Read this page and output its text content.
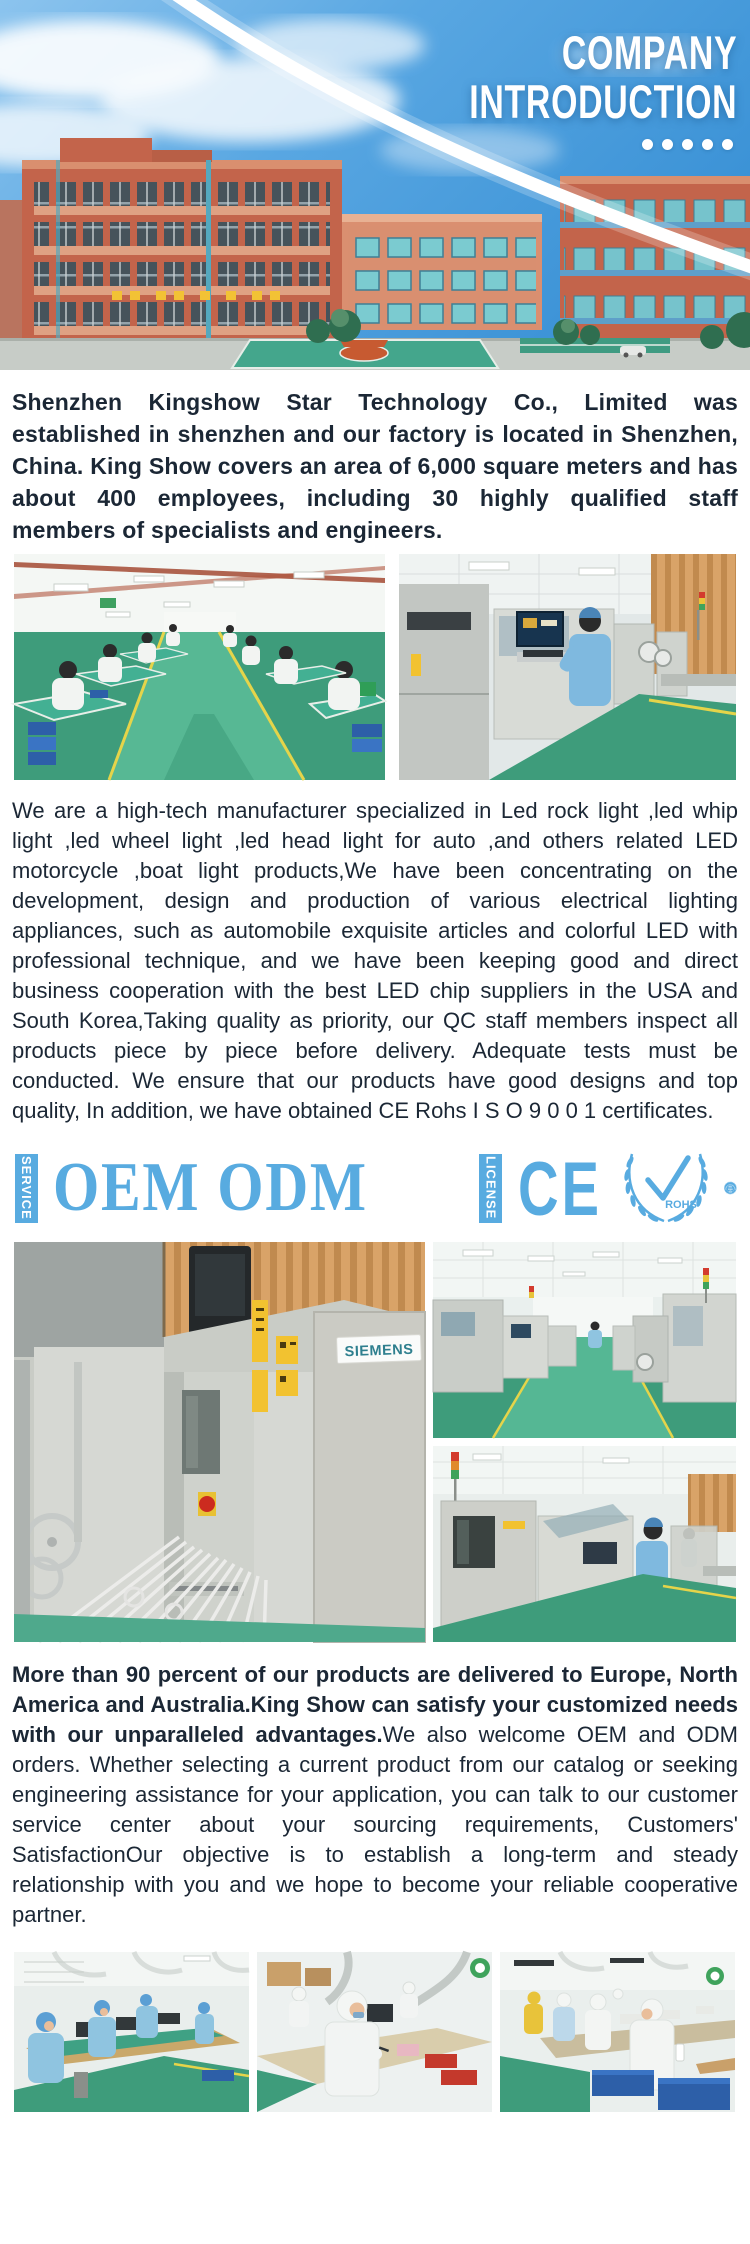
COMPANY
INTRODUCTION

Shenzhen Kingshow Star Technology Co., Limited was established in shenzhen and our factory is located in Shenzhen, China. King Show covers an area of 6,000 square meters and has about 400 employees, including 30 highly qualified staff members of specialists and engineers.

We are a high-tech manufacturer specialized in Led rock light ,led whip light ,led wheel light ,led head light for auto ,and others related LED motorcycle ,boat light products,We have been concentrating on the development, design and production of various electrical lighting appliances, such as automobile exquisite articles and colorful LED with professional technique, and we have been keeping good and direct business cooperation with the best LED chip suppliers in the USA and South Korea,Taking quality as priority, our QC staff members inspect all products piece by piece before delivery. Adequate tests must be conducted. We ensure that our products have good designs and top quality, In addition, we have obtained CE Rohs I S O 9 0 0 1 certificates.

SERVICE OEM ODM	LICENSE CE	ROHS
QUALITY ASSURED FIRM
ISO
9001
SGS
SIEMENS

More than 90 percent of our products are delivered to Europe, North America and Australia.King Show can satisfy your customized needs with our unparalleled advantages.We also welcome OEM and ODM orders. Whether selecting a current product from our catalog or seeking engineering assistance for your application, you can talk to our customer service center about your sourcing requirements, Customers' SatisfactionOur objective is to establish a long-term and steady relationship with you and we hope to become your reliable cooperative partner.
